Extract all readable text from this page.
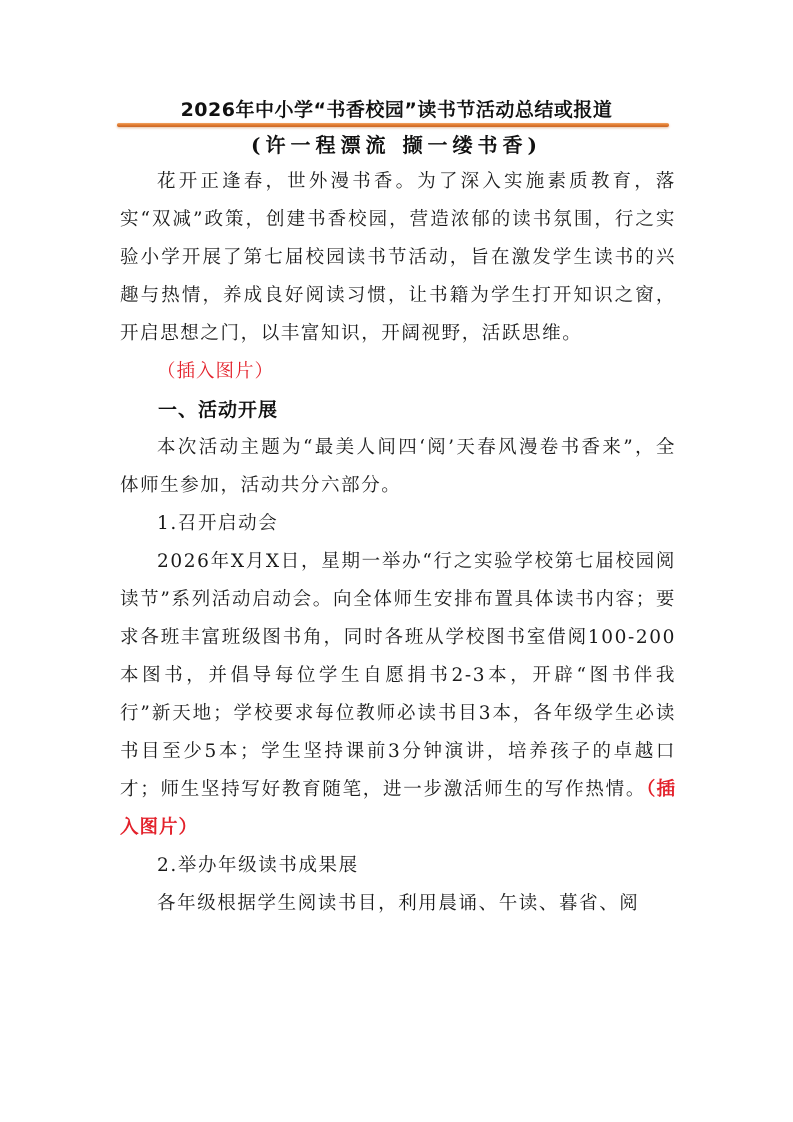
2026年中小学“书香校园”读书节活动总结或报道
(许一程漂流 撷一缕书香)

花开正逢春，世外漫书香。为了深入实施素质教育，落实“双减”政策，创建书香校园，营造浓郁的读书氛围，行之实验小学开展了第七届校园读书节活动，旨在激发学生读书的兴趣与热情，养成良好阅读习惯，让书籍为学生打开知识之窗，开启思想之门，以丰富知识，开阔视野，活跃思维。

（插入图片）

一、活动开展

本次活动主题为“最美人间四‘阅’天春风漫卷书香来”，全体师生参加，活动共分六部分。

1.召开启动会

2026年X月X日，星期一举办“行之实验学校第七届校园阅读节”系列活动启动会。向全体师生安排布置具体读书内容；要求各班丰富班级图书角，同时各班从学校图书室借阅100-200本图书，并倡导每位学生自愿捐书2-3本，开辟“图书伴我行”新天地；学校要求每位教师必读书目3本，各年级学生必读书目至少5本；学生坚持课前3分钟演讲，培养孩子的卓越口才；师生坚持写好教育随笔，进一步激活师生的写作热情。（插入图片）

2.举办年级读书成果展

各年级根据学生阅读书目，利用晨诵、午读、暮省、阅
